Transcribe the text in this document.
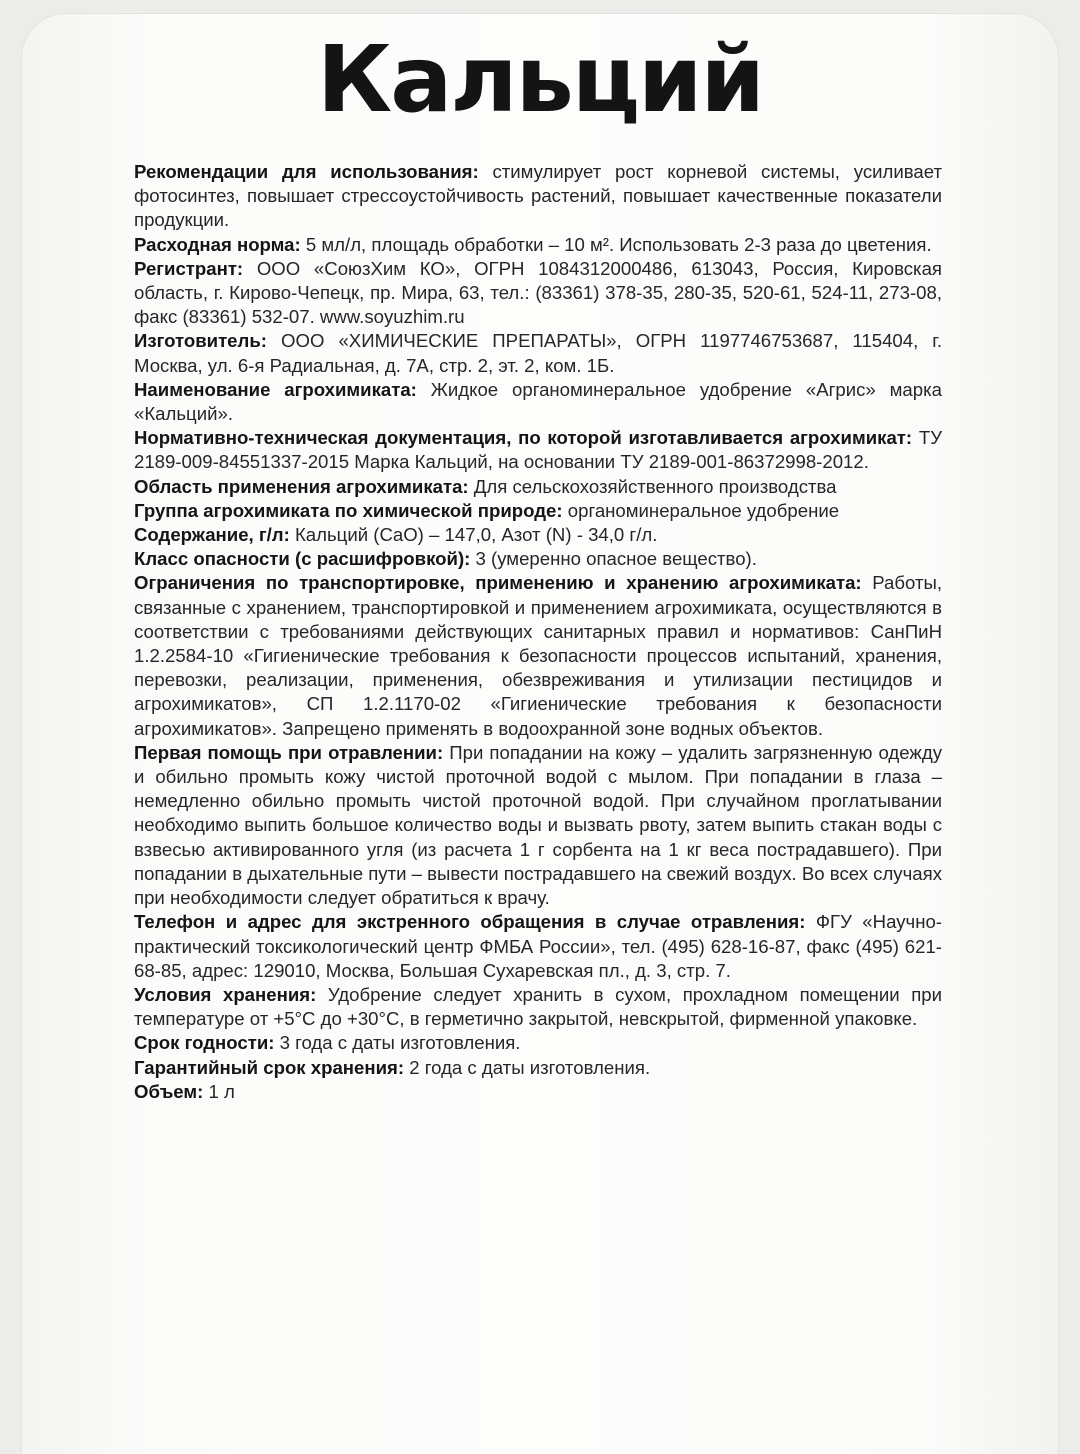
Кальций

Рекомендации для использования: стимулирует рост корневой системы, усиливает фотосинтез, повышает стрессоустойчивость растений, повышает качественные показатели продукции.

Расходная норма: 5 мл/л, площадь обработки – 10 м². Использовать 2-3 раза до цветения.

Регистрант: ООО «СоюзХим КО», ОГРН 1084312000486, 613043, Россия, Кировская область, г. Кирово-Чепецк, пр. Мира, 63, тел.: (83361) 378-35, 280-35, 520-61, 524-11, 273-08, факс (83361) 532-07. www.soyuzhim.ru

Изготовитель: ООО «ХИМИЧЕСКИЕ ПРЕПАРАТЫ», ОГРН 1197746753687, 115404, г. Москва, ул. 6-я Радиальная, д. 7А, стр. 2, эт. 2, ком. 1Б.

Наименование агрохимиката: Жидкое органоминеральное удобрение «Агрис» марка «Кальций».

Нормативно-техническая документация, по которой изготавливается агрохимикат: ТУ 2189-009-84551337-2015 Марка Кальций, на основании ТУ 2189-001-86372998-2012.

Область применения агрохимиката: Для сельскохозяйственного производства

Группа агрохимиката по химической природе: органоминеральное удобрение

Содержание, г/л: Кальций (CaO) – 147,0, Азот (N) - 34,0 г/л.

Класс опасности (с расшифровкой): 3 (умеренно опасное вещество).

Ограничения по транспортировке, применению и хранению агрохимиката: Работы, связанные с хранением, транспортировкой и применением агрохимиката, осуществляются в соответствии с требованиями действующих санитарных правил и нормативов: СанПиН 1.2.2584-10 «Гигиенические требования к безопасности процессов испытаний, хранения, перевозки, реализации, применения, обезвреживания и утилизации пестицидов и агрохимикатов», СП 1.2.1170-02 «Гигиенические требования к безопасности агрохимикатов». Запрещено применять в водоохранной зоне водных объектов.

Первая помощь при отравлении: При попадании на кожу – удалить загрязненную одежду и обильно промыть кожу чистой проточной водой с мылом. При попадании в глаза – немедленно обильно промыть чистой проточной водой. При случайном проглатывании необходимо выпить большое количество воды и вызвать рвоту, затем выпить стакан воды с взвесью активированного угля (из расчета 1 г сорбента на 1 кг веса пострадавшего). При попадании в дыхательные пути – вывести пострадавшего на свежий воздух. Во всех случаях при необходимости следует обратиться к врачу.

Телефон и адрес для экстренного обращения в случае отравления: ФГУ «Научно-практический токсикологический центр ФМБА России», тел. (495) 628-16-87, факс (495) 621-68-85, адрес: 129010, Москва, Большая Сухаревская пл., д. 3, стр. 7.

Условия хранения: Удобрение следует хранить в сухом, прохладном помещении при температуре от +5°С до +30°С, в герметично закрытой, невскрытой, фирменной упаковке.

Срок годности: 3 года с даты изготовления.

Гарантийный срок хранения: 2 года с даты изготовления.

Объем: 1 л
